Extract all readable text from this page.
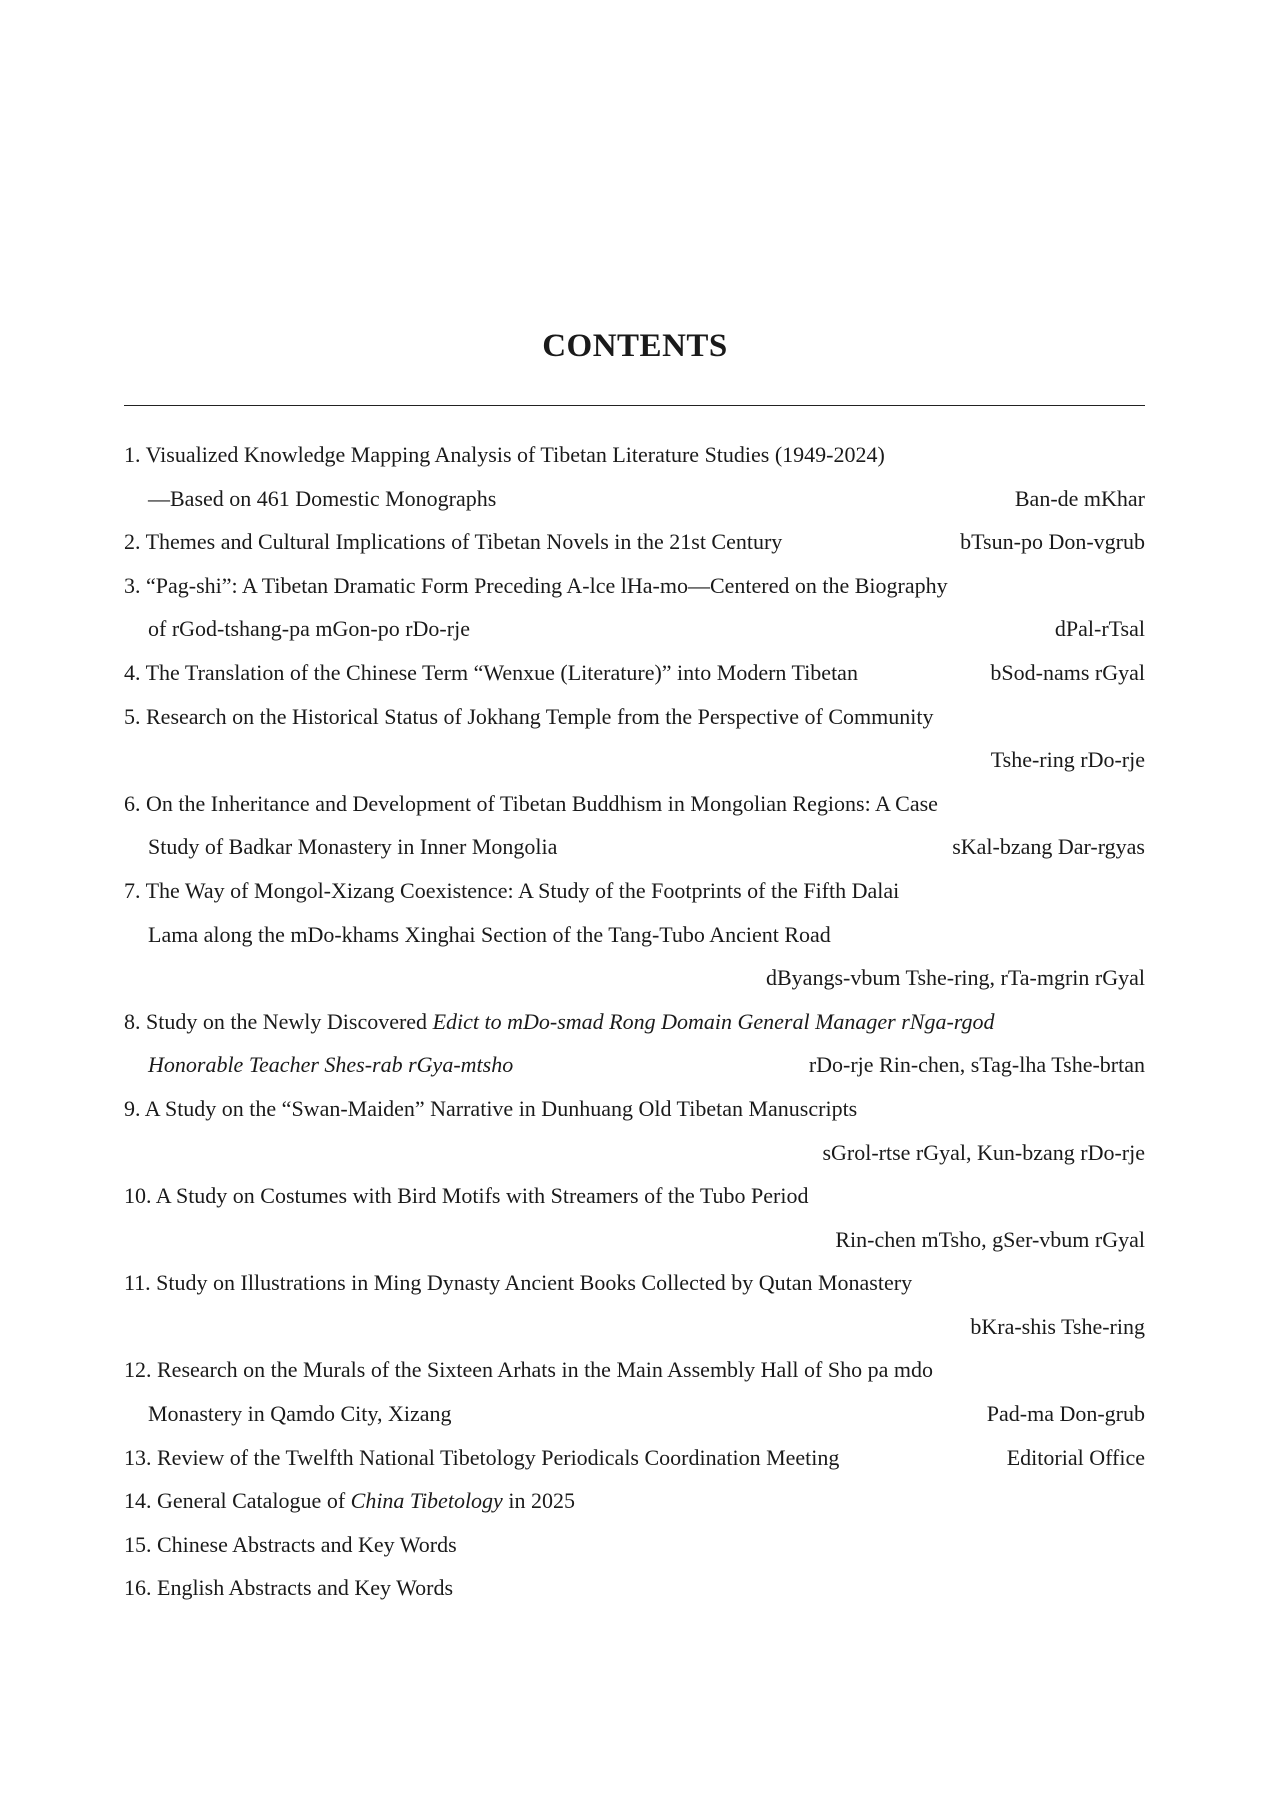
CONTENTS
1. Visualized Knowledge Mapping Analysis of Tibetan Literature Studies (1949-2024)
—Based on 461 Domestic Monographs	Ban-de mKhar
2. Themes and Cultural Implications of Tibetan Novels in the 21st Century	bTsun-po Don-vgrub
3. “Pag-shi”: A Tibetan Dramatic Form Preceding A-lce lHa-mo—Centered on the Biography
of rGod-tshang-pa mGon-po rDo-rje	dPal-rTsal
4. The Translation of the Chinese Term “Wenxue (Literature)” into Modern Tibetan	bSod-nams rGyal
5. Research on the Historical Status of Jokhang Temple from the Perspective of Community
Tshe-ring rDo-rje
6. On the Inheritance and Development of Tibetan Buddhism in Mongolian Regions: A Case
Study of Badkar Monastery in Inner Mongolia	sKal-bzang Dar-rgyas
7. The Way of Mongol-Xizang Coexistence: A Study of the Footprints of the Fifth Dalai
Lama along the mDo-khams Xinghai Section of the Tang-Tubo Ancient Road
dByangs-vbum Tshe-ring, rTa-mgrin rGyal
8. Study on the Newly Discovered Edict to mDo-smad Rong Domain General Manager rNga-rgod
Honorable Teacher Shes-rab rGya-mtsho	rDo-rje Rin-chen, sTag-lha Tshe-brtan
9. A Study on the “Swan-Maiden” Narrative in Dunhuang Old Tibetan Manuscripts
sGrol-rtse rGyal, Kun-bzang rDo-rje
10. A Study on Costumes with Bird Motifs with Streamers of the Tubo Period
Rin-chen mTsho, gSer-vbum rGyal
11. Study on Illustrations in Ming Dynasty Ancient Books Collected by Qutan Monastery
bKra-shis Tshe-ring
12. Research on the Murals of the Sixteen Arhats in the Main Assembly Hall of Sho pa mdo
Monastery in Qamdo City, Xizang	Pad-ma Don-grub
13. Review of the Twelfth National Tibetology Periodicals Coordination Meeting	Editorial Office
14. General Catalogue of China Tibetology in 2025
15. Chinese Abstracts and Key Words
16. English Abstracts and Key Words
